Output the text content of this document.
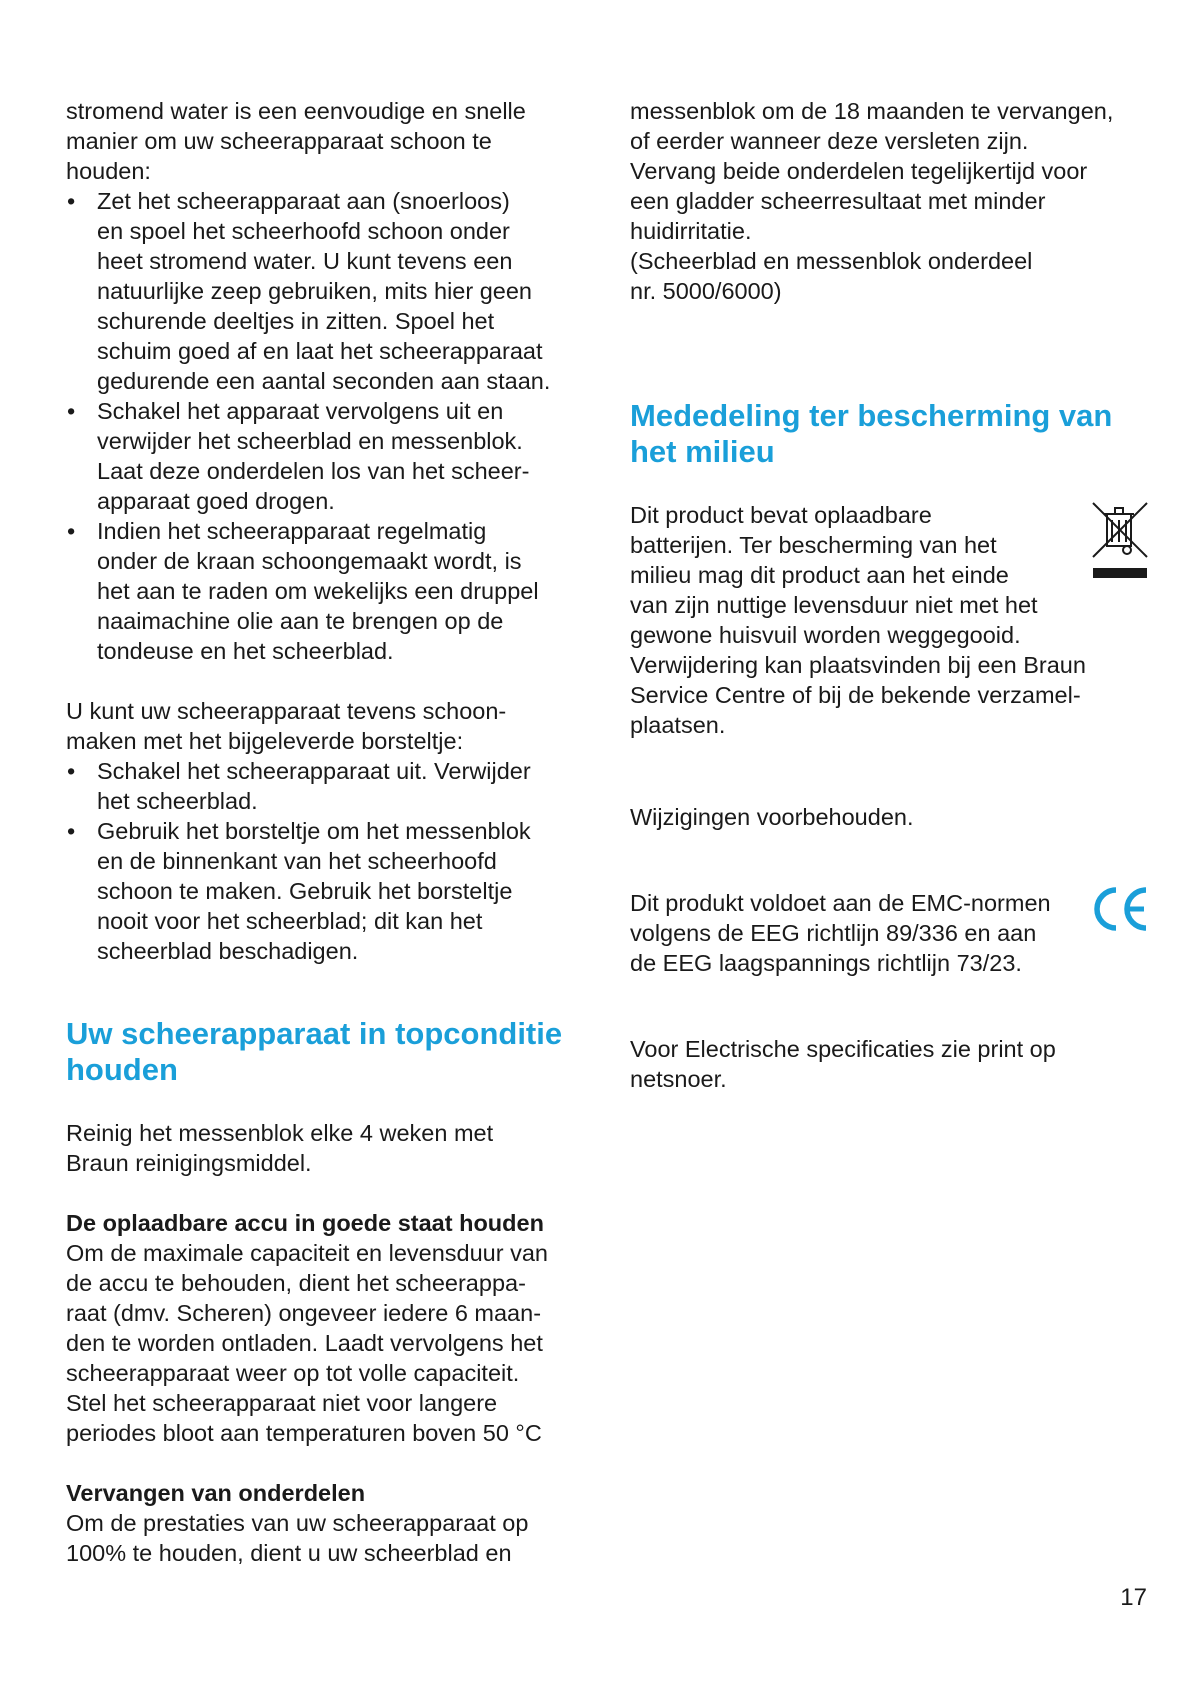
stromend water is een eenvoudige en snelle
manier om uw scheerapparaat schoon te
houden:

• Zet het scheerapparaat aan (snoerloos)
en spoel het scheerhoofd schoon onder
heet stromend water. U kunt tevens een
natuurlijke zeep gebruiken, mits hier geen
schurende deeltjes in zitten. Spoel het
schuim goed af en laat het scheerapparaat
gedurende een aantal seconden aan staan.
• Schakel het apparaat vervolgens uit en
verwijder het scheerblad en messenblok.
Laat deze onderdelen los van het scheer-
apparaat goed drogen.
• Indien het scheerapparaat regelmatig
onder de kraan schoongemaakt wordt, is
het aan te raden om wekelijks een druppel
naaimachine olie aan te brengen op de
tondeuse en het scheerblad.

U kunt uw scheerapparaat tevens schoon-
maken met het bijgeleverde borsteltje:

• Schakel het scheerapparaat uit. Verwijder
het scheerblad.
• Gebruik het borsteltje om het messenblok
en de binnenkant van het scheerhoofd
schoon te maken. Gebruik het borsteltje
nooit voor het scheerblad; dit kan het
scheerblad beschadigen.
Uw scheerapparaat in topconditie
houden

Reinig het messenblok elke 4 weken met
Braun reinigingsmiddel.

De oplaadbare accu in goede staat houden

Om de maximale capaciteit en levensduur van
de accu te behouden, dient het scheerappa-
raat (dmv. Scheren) ongeveer iedere 6 maan-
den te worden ontladen. Laadt vervolgens het
scheerapparaat weer op tot volle capaciteit.
Stel het scheerapparaat niet voor langere
periodes bloot aan temperaturen boven 50 °C

Vervangen van onderdelen

Om de prestaties van uw scheerapparaat op
100% te houden, dient u uw scheerblad en

messenblok om de 18 maanden te vervangen,
of eerder wanneer deze versleten zijn.
Vervang beide onderdelen tegelijkertijd voor
een gladder scheerresultaat met minder
huidirritatie.
(Scheerblad en messenblok onderdeel
nr. 5000/6000)

Mededeling ter bescherming van
het milieu

Dit product bevat oplaadbare
batterijen. Ter bescherming van het
milieu mag dit product aan het einde
van zijn nuttige levensduur niet met het
gewone huisvuil worden weggegooid.
Verwijdering kan plaatsvinden bij een Braun
Service Centre of bij de bekende verzamel-
plaatsen.

Wijzigingen voorbehouden.

Dit produkt voldoet aan de EMC-normen
volgens de EEG richtlijn 89/336 en aan
de EEG laagspannings richtlijn 73/23.

Voor Electrische specificaties zie print op
netsnoer.

17
